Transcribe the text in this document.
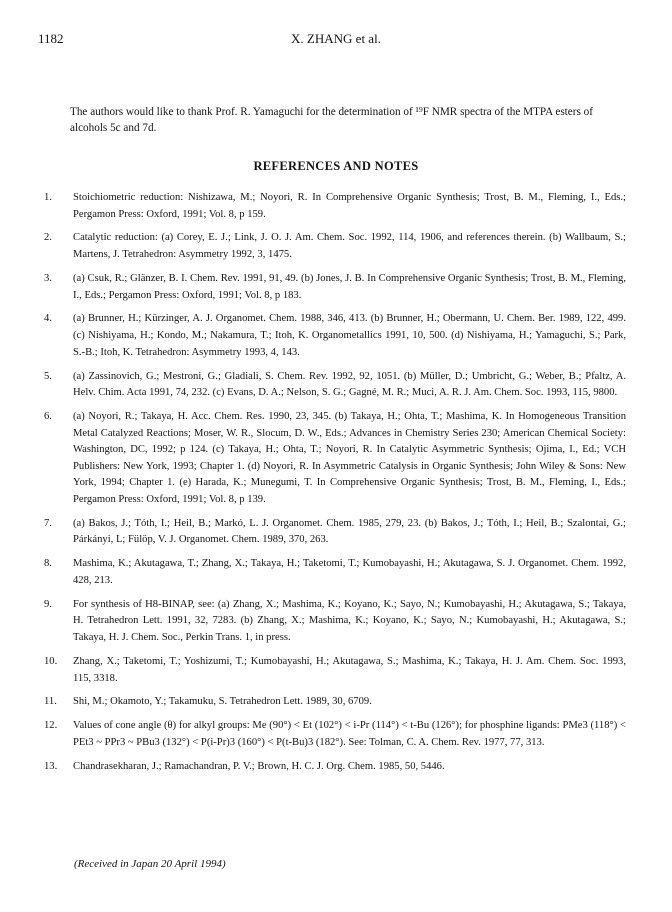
1182	X. ZHANG et al.

The authors would like to thank Prof. R. Yamaguchi for the determination of ¹⁹F NMR spectra of the MTPA esters of alcohols 5c and 7d.

REFERENCES AND NOTES
1.	Stoichiometric reduction: Nishizawa, M.; Noyori, R. In Comprehensive Organic Synthesis; Trost, B. M., Fleming, I., Eds.; Pergamon Press: Oxford, 1991; Vol. 8, p 159.
2.	Catalytic reduction: (a) Corey, E. J.; Link, J. O. J. Am. Chem. Soc. 1992, 114, 1906, and references therein. (b) Wallbaum, S.; Martens, J. Tetrahedron: Asymmetry 1992, 3, 1475.
3.	(a) Csuk, R.; Glänzer, B. I. Chem. Rev. 1991, 91, 49. (b) Jones, J. B. In Comprehensive Organic Synthesis; Trost, B. M., Fleming, I., Eds.; Pergamon Press: Oxford, 1991; Vol. 8, p 183.
4.	(a) Brunner, H.; Kürzinger, A. J. Organomet. Chem. 1988, 346, 413. (b) Brunner, H.; Obermann, U. Chem. Ber. 1989, 122, 499. (c) Nishiyama, H.; Kondo, M.; Nakamura, T.; Itoh, K. Organometallics 1991, 10, 500. (d) Nishiyama, H.; Yamaguchi, S.; Park, S.-B.; Itoh, K. Tetrahedron: Asymmetry 1993, 4, 143.
5.	(a) Zassinovich, G.; Mestroni, G.; Gladiali, S. Chem. Rev. 1992, 92, 1051. (b) Müller, D.; Umbricht, G.; Weber, B.; Pfaltz, A. Helv. Chim. Acta 1991, 74, 232. (c) Evans, D. A.; Nelson, S. G.; Gagné, M. R.; Muci, A. R. J. Am. Chem. Soc. 1993, 115, 9800.
6.	(a) Noyori, R.; Takaya, H. Acc. Chem. Res. 1990, 23, 345. (b) Takaya, H.; Ohta, T.; Mashima, K. In Homogeneous Transition Metal Catalyzed Reactions; Moser, W. R., Slocum, D. W., Eds.; Advances in Chemistry Series 230; American Chemical Society: Washington, DC, 1992; p 124. (c) Takaya, H.; Ohta, T.; Noyori, R. In Catalytic Asymmetric Synthesis; Ojima, I., Ed.; VCH Publishers: New York, 1993; Chapter 1. (d) Noyori, R. In Asymmetric Catalysis in Organic Synthesis; John Wiley & Sons: New York, 1994; Chapter 1. (e) Harada, K.; Munegumi, T. In Comprehensive Organic Synthesis; Trost, B. M., Fleming, I., Eds.; Pergamon Press: Oxford, 1991; Vol. 8, p 139.
7.	(a) Bakos, J.; Tóth, I.; Heil, B.; Markó, L. J. Organomet. Chem. 1985, 279, 23. (b) Bakos, J.; Tóth, I.; Heil, B.; Szalontai, G.; Párkányi, L; Fülöp, V. J. Organomet. Chem. 1989, 370, 263.
8.	Mashima, K.; Akutagawa, T.; Zhang, X.; Takaya, H.; Taketomi, T.; Kumobayashi, H.; Akutagawa, S. J. Organomet. Chem. 1992, 428, 213.
9.	For synthesis of H8-BINAP, see: (a) Zhang, X.; Mashima, K.; Koyano, K.; Sayo, N.; Kumobayashi, H.; Akutagawa, S.; Takaya, H. Tetrahedron Lett. 1991, 32, 7283. (b) Zhang, X.; Mashima, K.; Koyano, K.; Sayo, N.; Kumobayashi, H.; Akutagawa, S.; Takaya, H. J. Chem. Soc., Perkin Trans. 1, in press.
10.	Zhang, X.; Taketomi, T.; Yoshizumi, T.; Kumobayashi, H.; Akutagawa, S.; Mashima, K.; Takaya, H. J. Am. Chem. Soc. 1993, 115, 3318.
11.	Shi, M.; Okamoto, Y.; Takamuku, S. Tetrahedron Lett. 1989, 30, 6709.
12.	Values of cone angle (θ) for alkyl groups: Me (90°) < Et (102°) < i-Pr (114°) < t-Bu (126°); for phosphine ligands: PMe3 (118°) < PEt3 ~ PPr3 ~ PBu3 (132°) < P(i-Pr)3 (160°) < P(t-Bu)3 (182°). See: Tolman, C. A. Chem. Rev. 1977, 77, 313.
13.	Chandrasekharan, J.; Ramachandran, P. V.; Brown, H. C. J. Org. Chem. 1985, 50, 5446.
(Received in Japan 20 April 1994)
